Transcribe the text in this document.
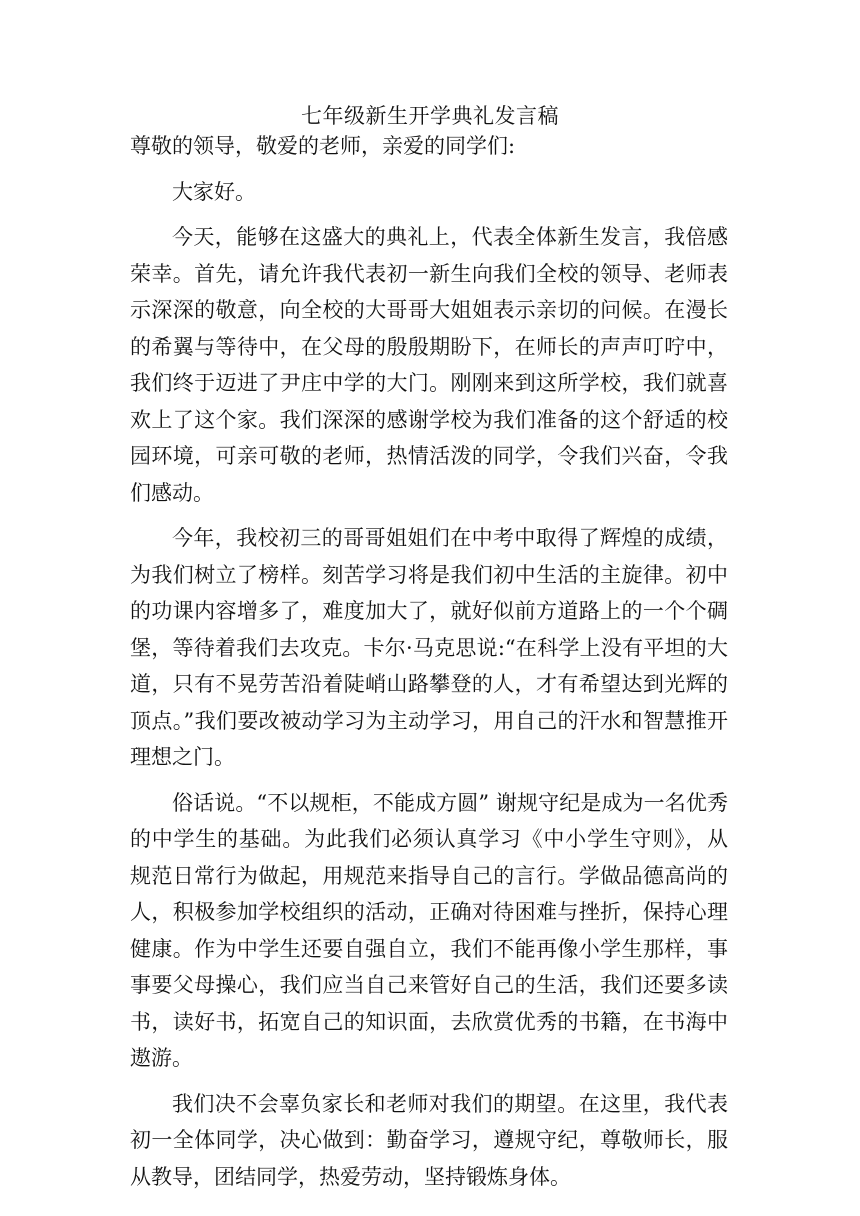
七年级新生开学典礼发言稿

尊敬的领导，敬爱的老师，亲爱的同学们:

大家好。

今天，能够在这盛大的典礼上，代表全体新生发言，我倍感荣幸。首先，请允许我代表初一新生向我们全校的领导、老师表示深深的敬意，向全校的大哥哥大姐姐表示亲切的问候。在漫长的希翼与等待中，在父母的殷殷期盼下，在师长的声声叮咛中，我们终于迈进了尹庄中学的大门。刚刚来到这所学校，我们就喜欢上了这个家。我们深深的感谢学校为我们准备的这个舒适的校园环境，可亲可敬的老师，热情活泼的同学，令我们兴奋，令我们感动。

今年，我校初三的哥哥姐姐们在中考中取得了辉煌的成绩，为我们树立了榜样。刻苦学习将是我们初中生活的主旋律。初中的功课内容增多了，难度加大了，就好似前方道路上的一个个碉堡，等待着我们去攻克。卡尔·马克思说:“在科学上没有平坦的大道，只有不晃劳苦沿着陡峭山路攀登的人，才有希望达到光辉的顶点。”我们要改被动学习为主动学习，用自己的汗水和智慧推开理想之门。

俗话说。“不以规柜，不能成方圆” 谢规守纪是成为一名优秀的中学生的基础。为此我们必须认真学习《中小学生守则》，从规范日常行为做起，用规范来指导自己的言行。学做品德高尚的人，积极参加学校组织的活动，正确对待困难与挫折，保持心理健康。作为中学生还要自强自立，我们不能再像小学生那样，事事要父母操心，我们应当自己来管好自己的生活，我们还要多读书，读好书，拓宽自己的知识面，去欣赏优秀的书籍，在书海中遨游。

我们决不会辜负家长和老师对我们的期望。在这里，我代表初一全体同学，决心做到：勤奋学习，遵规守纪，尊敬师长，服从教导，团结同学，热爱劳动，坚持锻炼身体。
